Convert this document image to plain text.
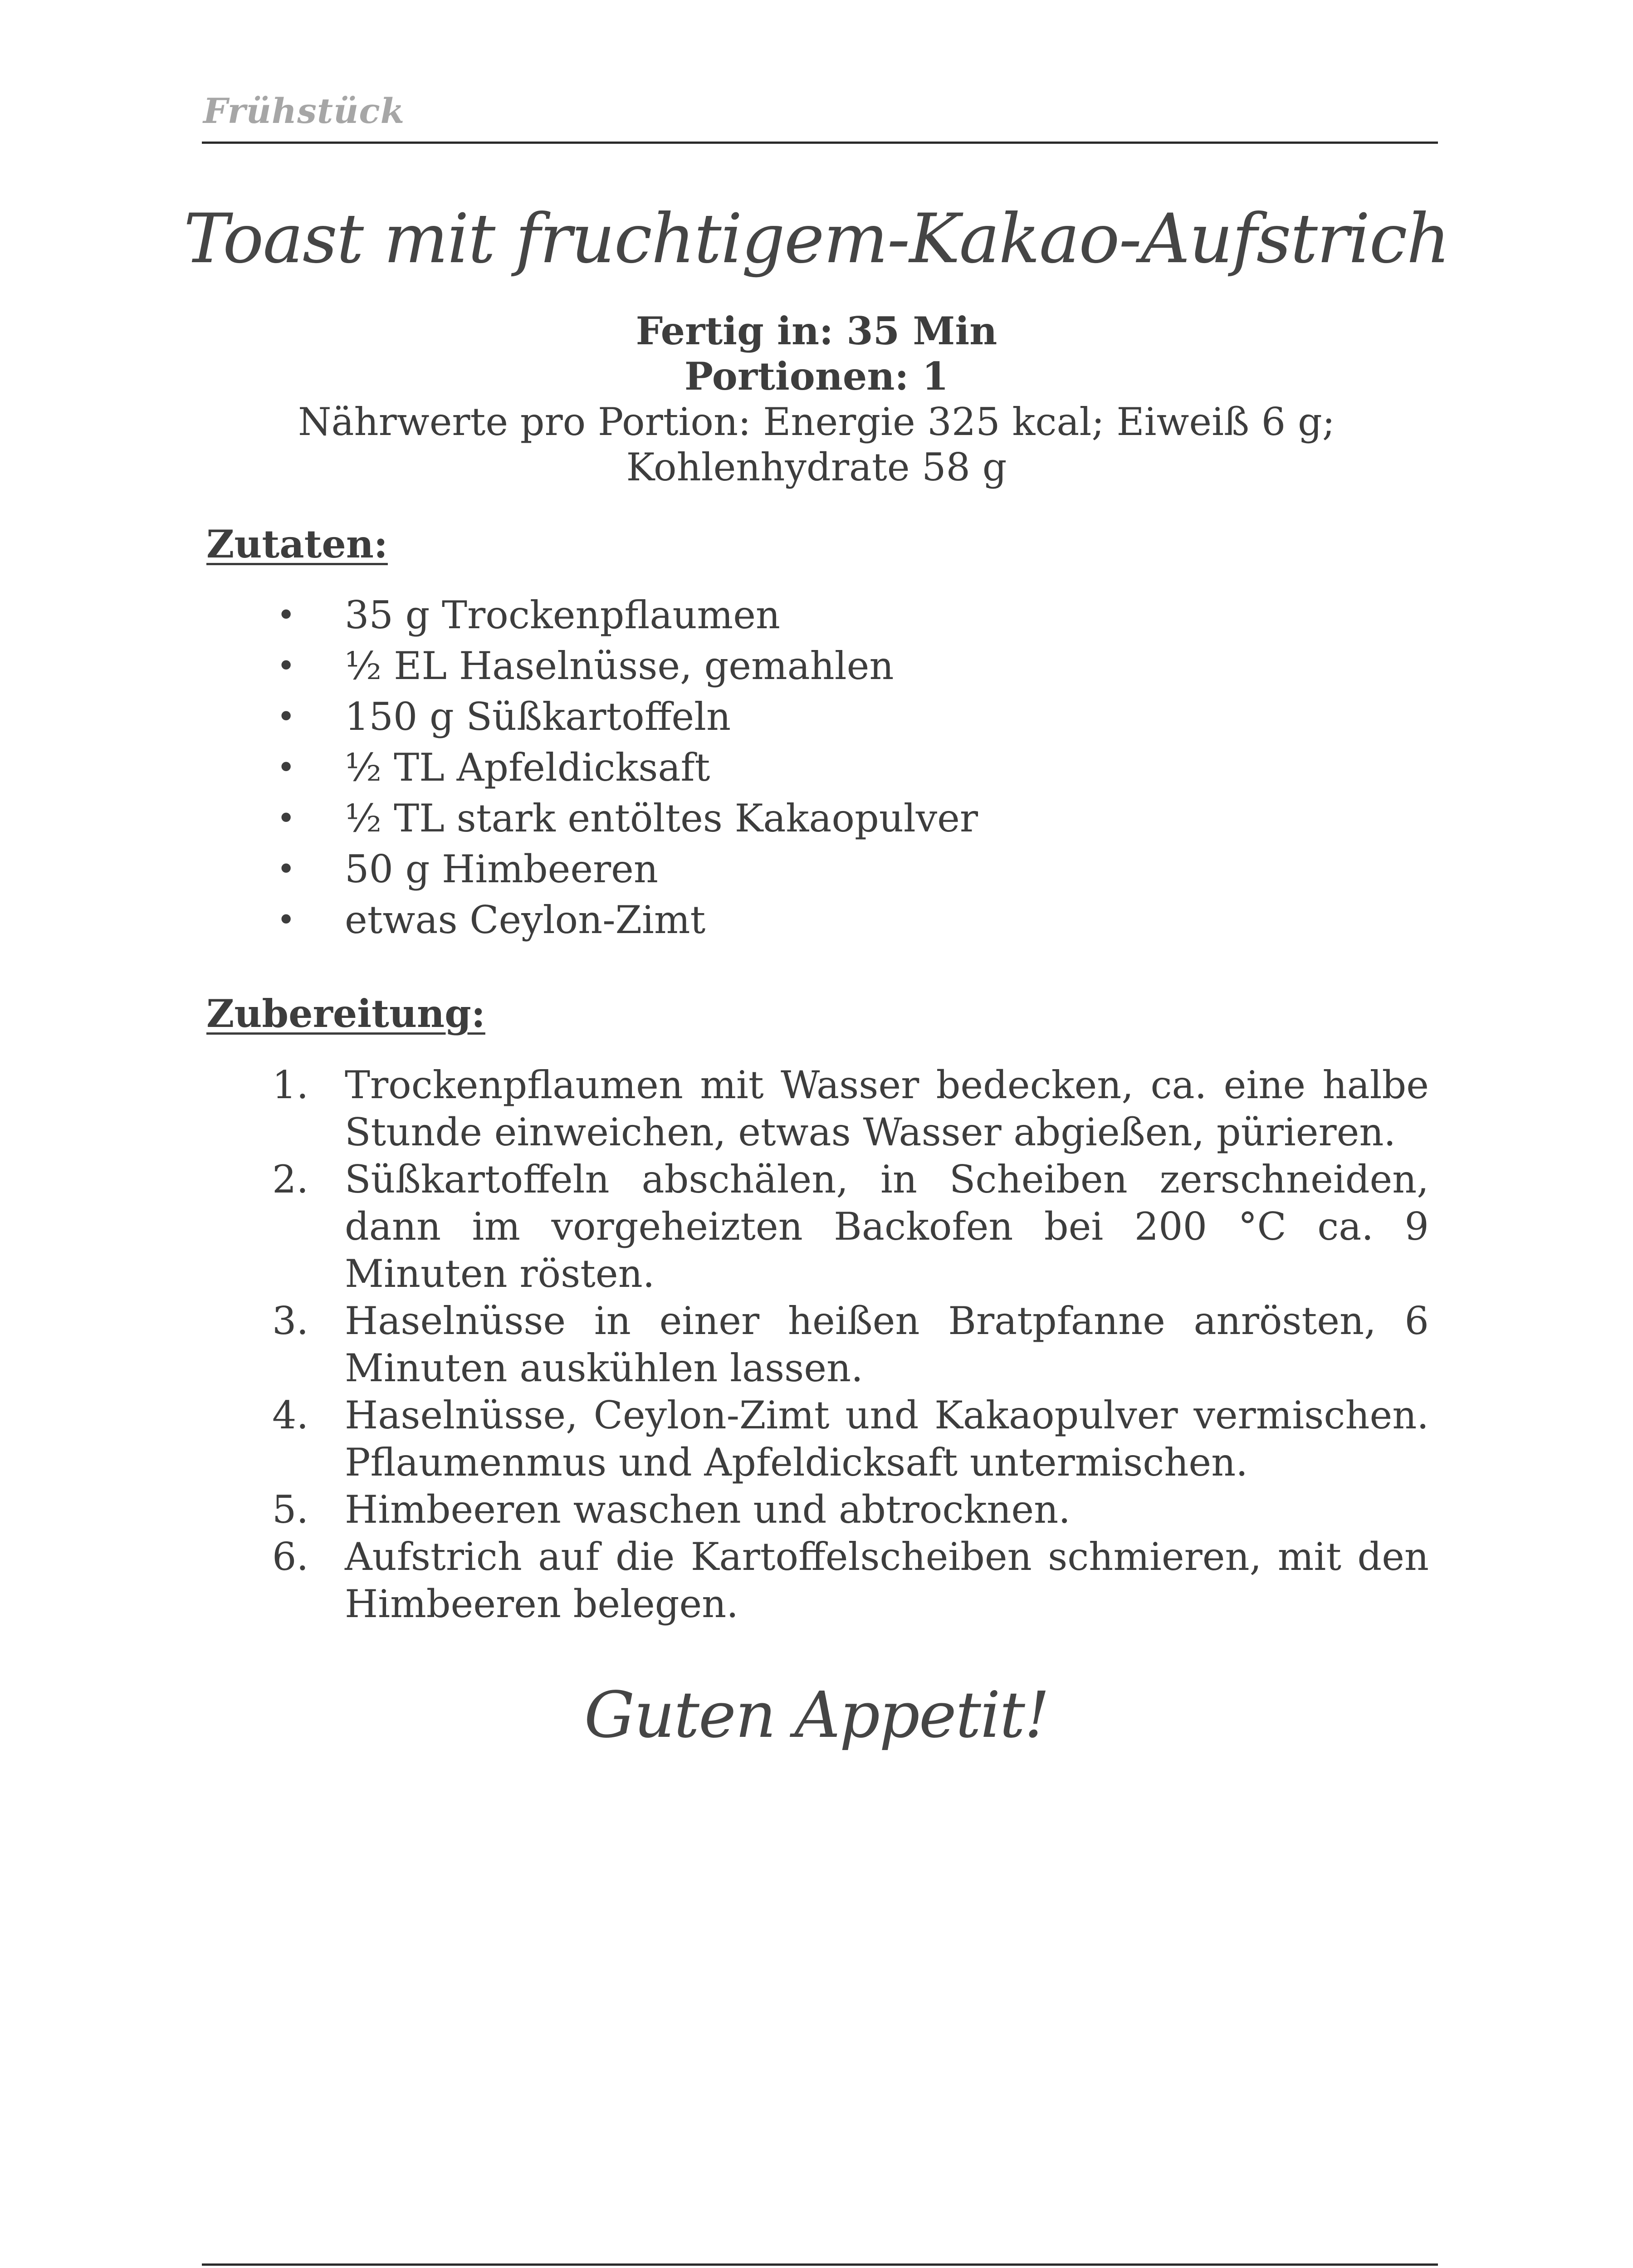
Frühstück
Toast mit fruchtigem-Kakao-Aufstrich
Fertig in: 35 Min
Portionen: 1
Nährwerte pro Portion: Energie 325 kcal; Eiweiß 6 g;
Kohlenhydrate 58 g
Zutaten:
• 35 g Trockenpflaumen
• ½ EL Haselnüsse, gemahlen
• 150 g Süßkartoffeln
• ½ TL Apfeldicksaft
• ½ TL stark entöltes Kakaopulver
• 50 g Himbeeren
• etwas Ceylon-Zimt
Zubereitung:
1. Trockenpflaumen mit Wasser bedecken, ca. eine halbe Stunde einweichen, etwas Wasser abgießen, pürieren.
2. Süßkartoffeln abschälen, in Scheiben zerschneiden, dann im vorgeheizten Backofen bei 200 °C ca. 9 Minuten rösten.
3. Haselnüsse in einer heißen Bratpfanne anrösten, 6 Minuten auskühlen lassen.
4. Haselnüsse, Ceylon-Zimt und Kakaopulver vermischen. Pflaumenmus und Apfeldicksaft untermischen.
5. Himbeeren waschen und abtrocknen.
6. Aufstrich auf die Kartoffelscheiben schmieren, mit den Himbeeren belegen.
Guten Appetit!
